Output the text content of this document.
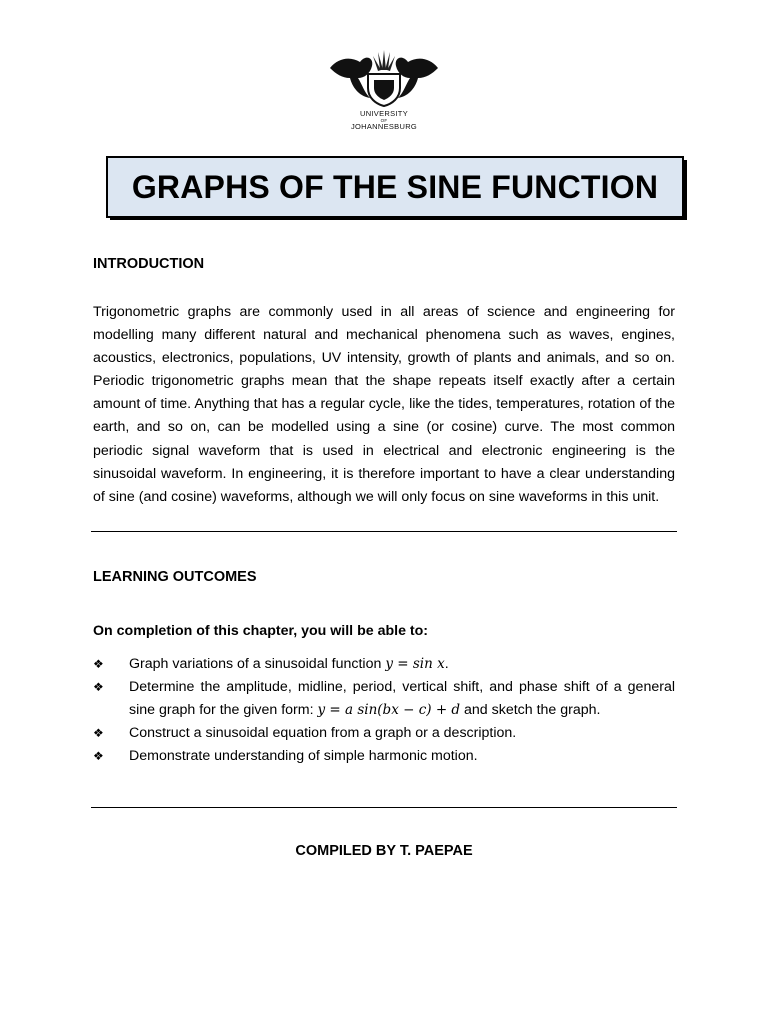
UNIVERSITY
OF
JOHANNESBURG
GRAPHS OF THE SINE FUNCTION
INTRODUCTION

Trigonometric graphs are commonly used in all areas of science and engineering for modelling many different natural and mechanical phenomena such as waves, engines, acoustics, electronics, populations, UV intensity, growth of plants and animals, and so on. Periodic trigonometric graphs mean that the shape repeats itself exactly after a certain amount of time. Anything that has a regular cycle, like the tides, temperatures, rotation of the earth, and so on, can be modelled using a sine (or cosine) curve. The most common periodic signal waveform that is used in electrical and electronic engineering is the sinusoidal waveform. In engineering, it is therefore important to have a clear understanding of sine (and cosine) waveforms, although we will only focus on sine waveforms in this unit.

LEARNING OUTCOMES
On completion of this chapter, you will be able to:
❖ Graph variations of a sinusoidal function y = sin x.
❖ Determine the amplitude, midline, period, vertical shift, and phase shift of a general sine graph for the given form: y = a sin(bx − c) + d and sketch the graph.
❖ Construct a sinusoidal equation from a graph or a description.
❖ Demonstrate understanding of simple harmonic motion.
COMPILED BY T. PAEPAE
